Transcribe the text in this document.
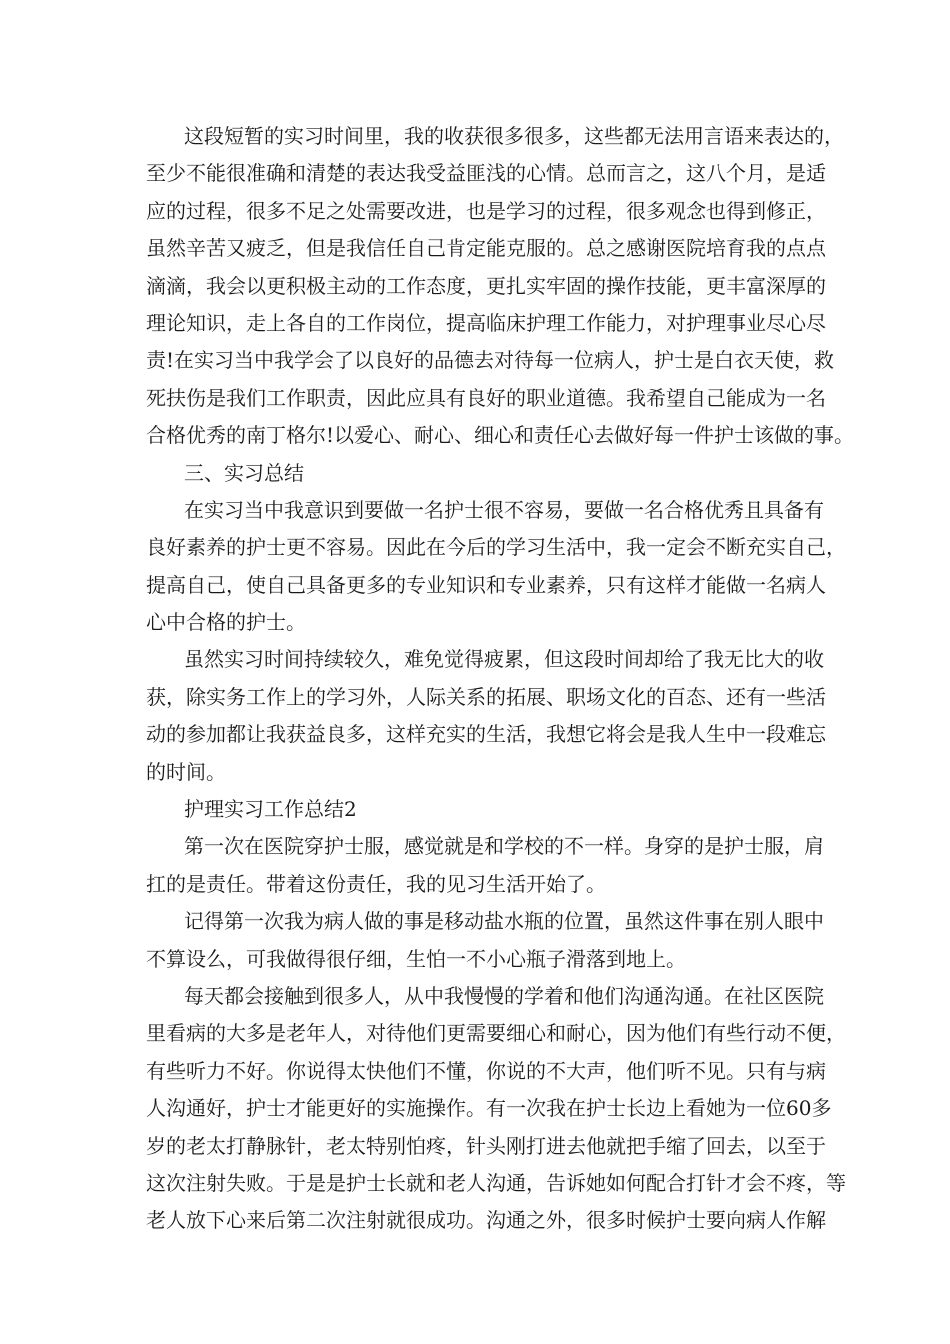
这段短暂的实习时间里，我的收获很多很多，这些都无法用言语来表达的，
至少不能很准确和清楚的表达我受益匪浅的心情。总而言之，这八个月，是适
应的过程，很多不足之处需要改进，也是学习的过程，很多观念也得到修正，
虽然辛苦又疲乏，但是我信任自己肯定能克服的。总之感谢医院培育我的点点
滴滴，我会以更积极主动的工作态度，更扎实牢固的操作技能，更丰富深厚的
理论知识，走上各自的工作岗位，提高临床护理工作能力，对护理事业尽心尽
责!在实习当中我学会了以良好的品德去对待每一位病人，护士是白衣天使，救
死扶伤是我们工作职责，因此应具有良好的职业道德。我希望自己能成为一名
合格优秀的南丁格尔!以爱心、耐心、细心和责任心去做好每一件护士该做的事。
三、实习总结
在实习当中我意识到要做一名护士很不容易，要做一名合格优秀且具备有
良好素养的护士更不容易。因此在今后的学习生活中，我一定会不断充实自己，
提高自己，使自己具备更多的专业知识和专业素养，只有这样才能做一名病人
心中合格的护士。
虽然实习时间持续较久，难免觉得疲累，但这段时间却给了我无比大的收
获，除实务工作上的学习外，人际关系的拓展、职场文化的百态、还有一些活
动的参加都让我获益良多，这样充实的生活，我想它将会是我人生中一段难忘
的时间。
护理实习工作总结2
第一次在医院穿护士服，感觉就是和学校的不一样。身穿的是护士服，肩
扛的是责任。带着这份责任，我的见习生活开始了。
记得第一次我为病人做的事是移动盐水瓶的位置，虽然这件事在别人眼中
不算设么，可我做得很仔细，生怕一不小心瓶子滑落到地上。
每天都会接触到很多人，从中我慢慢的学着和他们沟通沟通。在社区医院
里看病的大多是老年人，对待他们更需要细心和耐心，因为他们有些行动不便，
有些听力不好。你说得太快他们不懂，你说的不大声，他们听不见。只有与病
人沟通好，护士才能更好的实施操作。有一次我在护士长边上看她为一位60多
岁的老太打静脉针，老太特别怕疼，针头刚打进去他就把手缩了回去，以至于
这次注射失败。于是是护士长就和老人沟通，告诉她如何配合打针才会不疼，等
老人放下心来后第二次注射就很成功。沟通之外，很多时候护士要向病人作解
